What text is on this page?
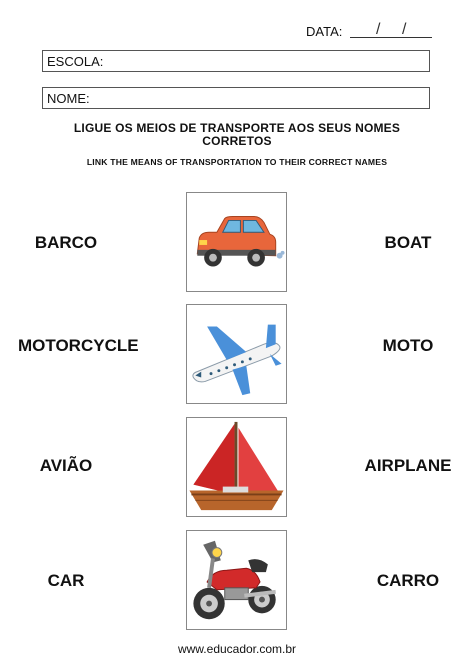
DATA: / /
ESCOLA:
NOME:
LIGUE OS MEIOS DE TRANSPORTE AOS SEUS NOMES CORRETOS
LINK THE MEANS OF TRANSPORTATION TO THEIR CORRECT NAMES
BARCO	BOAT
MOTORCYCLE	MOTO
AVIÃO	AIRPLANE
CAR	CARRO
www.educador.com.br
